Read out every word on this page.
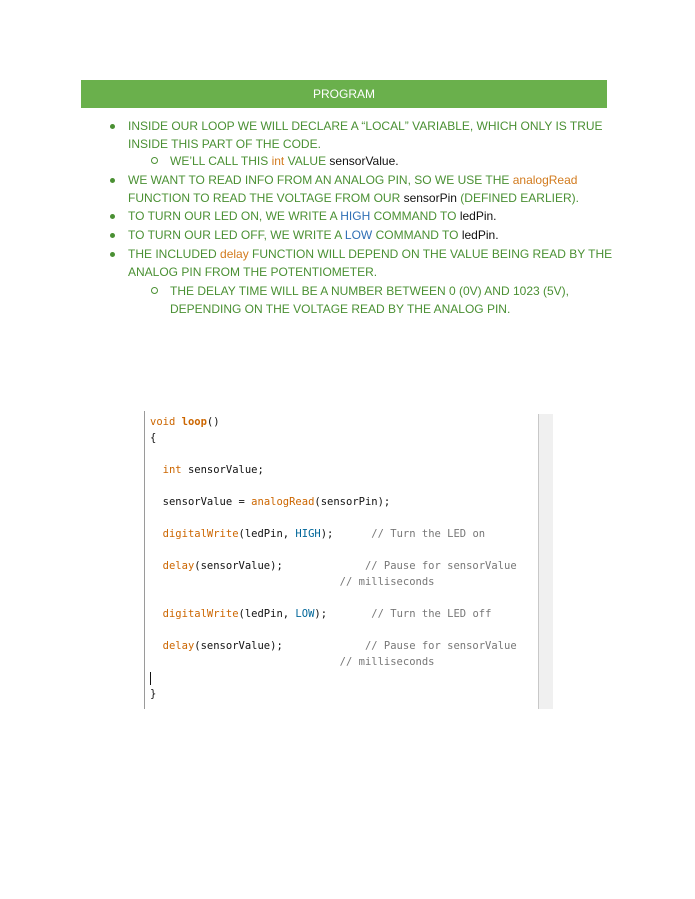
PROGRAM
INSIDE OUR LOOP WE WILL DECLARE A “LOCAL” VARIABLE, WHICH ONLY IS TRUE
INSIDE THIS PART OF THE CODE.
WE’LL CALL THIS int VALUE sensorValue.
WE WANT TO READ INFO FROM AN ANALOG PIN, SO WE USE THE analogRead
FUNCTION TO READ THE VOLTAGE FROM OUR sensorPin (DEFINED EARLIER).
TO TURN OUR LED ON, WE WRITE A HIGH COMMAND TO ledPin.
TO TURN OUR LED OFF, WE WRITE A LOW COMMAND TO ledPin.
THE INCLUDED delay FUNCTION WILL DEPEND ON THE VALUE BEING READ BY THE
ANALOG PIN FROM THE POTENTIOMETER.
THE DELAY TIME WILL BE A NUMBER BETWEEN 0 (0V) AND 1023 (5V),
DEPENDING ON THE VOLTAGE READ BY THE ANALOG PIN.
void loop()
{

int sensorValue;

sensorValue = analogRead(sensorPin);

digitalWrite(ledPin, HIGH);      // Turn the LED on

delay(sensorValue);             // Pause for sensorValue
// milliseconds

digitalWrite(ledPin, LOW);       // Turn the LED off

delay(sensorValue);             // Pause for sensorValue
// milliseconds

}
